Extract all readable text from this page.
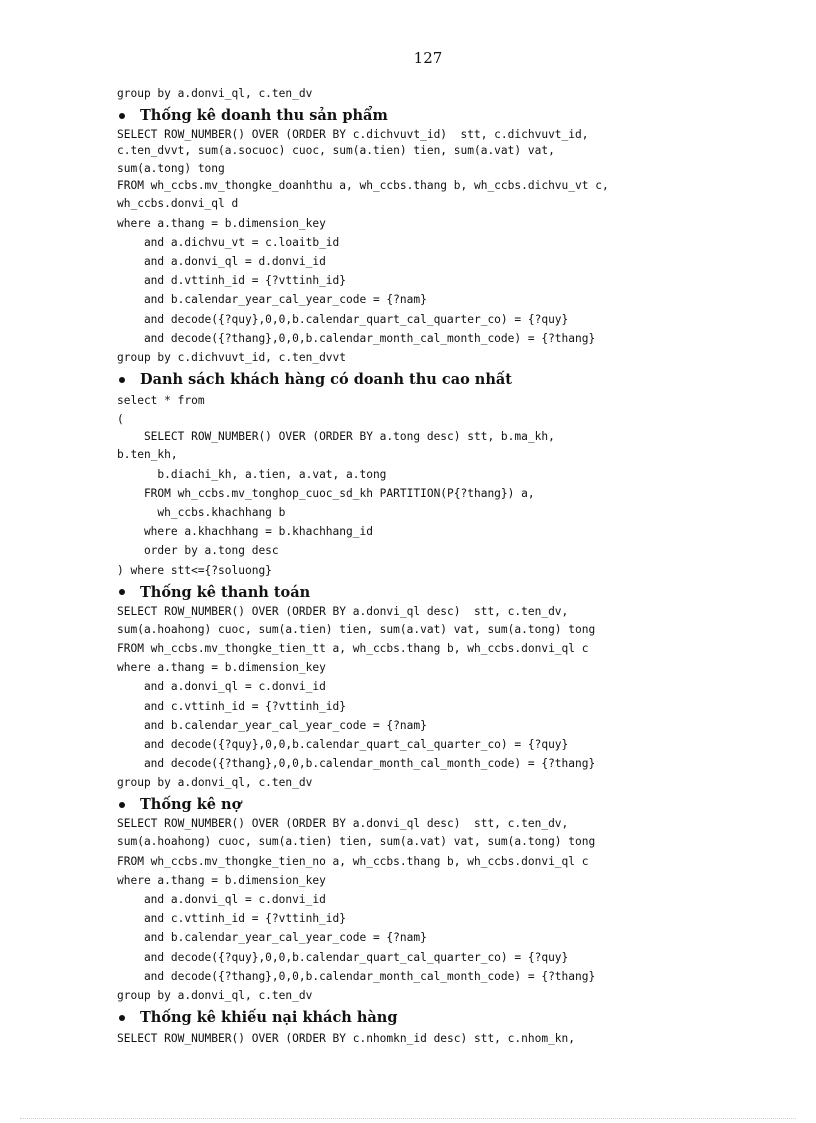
127
group by a.donvi_ql, c.ten_dv
Thống kê doanh thu sản phẩm
SELECT ROW_NUMBER() OVER (ORDER BY c.dichvuvt_id)  stt, c.dichvuvt_id,
c.ten_dvvt, sum(a.socuoc) cuoc, sum(a.tien) tien, sum(a.vat) vat,
sum(a.tong) tong
FROM wh_ccbs.mv_thongke_doanhthu a, wh_ccbs.thang b, wh_ccbs.dichvu_vt c,
wh_ccbs.donvi_ql d
where a.thang = b.dimension_key
and a.dichvu_vt = c.loaitb_id
and a.donvi_ql = d.donvi_id
and d.vttinh_id = {?vttinh_id}
and b.calendar_year_cal_year_code = {?nam}
and decode({?quy},0,0,b.calendar_quart_cal_quarter_co) = {?quy}
and decode({?thang},0,0,b.calendar_month_cal_month_code) = {?thang}
group by c.dichvuvt_id, c.ten_dvvt
Danh sách khách hàng có doanh thu cao nhất
select * from
(
SELECT ROW_NUMBER() OVER (ORDER BY a.tong desc) stt, b.ma_kh,
b.ten_kh,
b.diachi_kh, a.tien, a.vat, a.tong
FROM wh_ccbs.mv_tonghop_cuoc_sd_kh PARTITION(P{?thang}) a,
wh_ccbs.khachhang b
where a.khachhang = b.khachhang_id
order by a.tong desc
) where stt<={?soluong}
Thống kê thanh toán
SELECT ROW_NUMBER() OVER (ORDER BY a.donvi_ql desc)  stt, c.ten_dv,
sum(a.hoahong) cuoc, sum(a.tien) tien, sum(a.vat) vat, sum(a.tong) tong
FROM wh_ccbs.mv_thongke_tien_tt a, wh_ccbs.thang b, wh_ccbs.donvi_ql c
where a.thang = b.dimension_key
and a.donvi_ql = c.donvi_id
and c.vttinh_id = {?vttinh_id}
and b.calendar_year_cal_year_code = {?nam}
and decode({?quy},0,0,b.calendar_quart_cal_quarter_co) = {?quy}
and decode({?thang},0,0,b.calendar_month_cal_month_code) = {?thang}
group by a.donvi_ql, c.ten_dv
Thống kê nợ
SELECT ROW_NUMBER() OVER (ORDER BY a.donvi_ql desc)  stt, c.ten_dv,
sum(a.hoahong) cuoc, sum(a.tien) tien, sum(a.vat) vat, sum(a.tong) tong
FROM wh_ccbs.mv_thongke_tien_no a, wh_ccbs.thang b, wh_ccbs.donvi_ql c
where a.thang = b.dimension_key
and a.donvi_ql = c.donvi_id
and c.vttinh_id = {?vttinh_id}
and b.calendar_year_cal_year_code = {?nam}
and decode({?quy},0,0,b.calendar_quart_cal_quarter_co) = {?quy}
and decode({?thang},0,0,b.calendar_month_cal_month_code) = {?thang}
group by a.donvi_ql, c.ten_dv
Thống kê khiếu nại khách hàng
SELECT ROW_NUMBER() OVER (ORDER BY c.nhomkn_id desc) stt, c.nhom_kn,
